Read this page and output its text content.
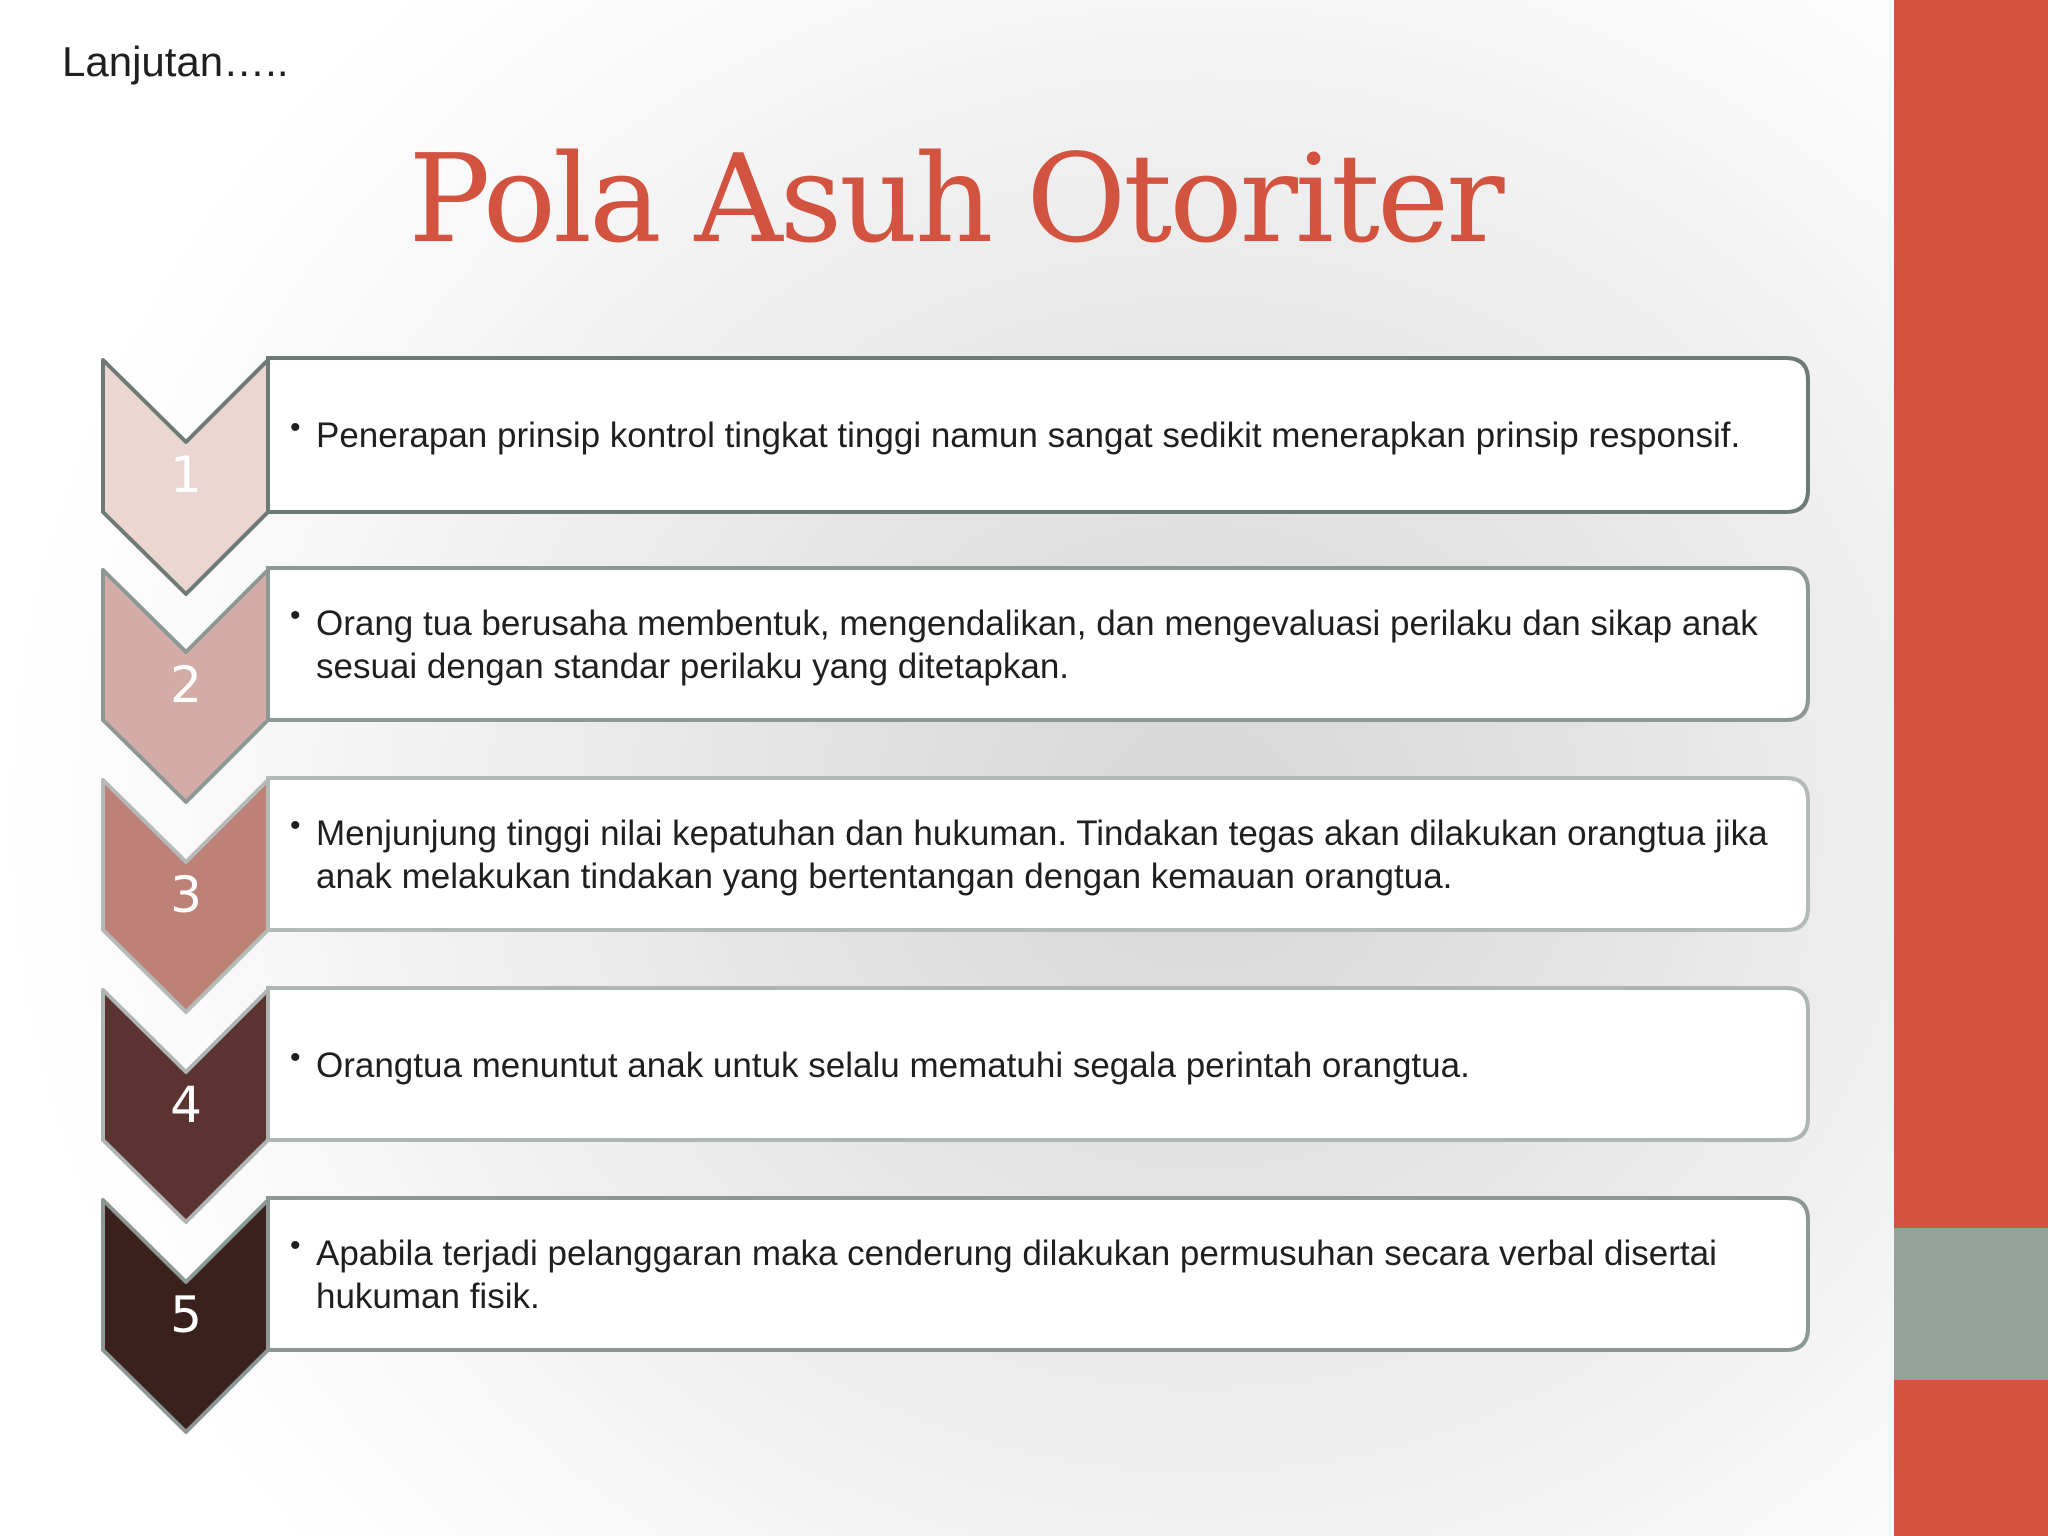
Lanjutan…..
Pola Asuh Otoriter
1
2
3
4
5
• Penerapan prinsip kontrol tingkat tinggi namun sangat sedikit menerapkan prinsip responsif.
• Orang tua berusaha membentuk, mengendalikan, dan mengevaluasi perilaku dan sikap anak sesuai dengan standar perilaku yang ditetapkan.
• Menjunjung tinggi nilai kepatuhan dan hukuman. Tindakan tegas akan dilakukan orangtua jika anak melakukan tindakan yang bertentangan dengan kemauan orangtua.
• Orangtua menuntut anak untuk selalu mematuhi segala perintah orangtua.
• Apabila terjadi pelanggaran maka cenderung dilakukan permusuhan secara verbal disertai hukuman fisik.
